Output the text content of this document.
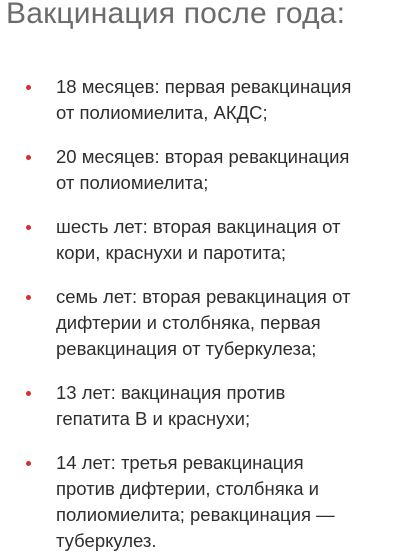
Вакцинация после года:
18 месяцев: первая ревакцинация
от полиомиелита, АКДС;
20 месяцев: вторая ревакцинация
от полиомиелита;
шесть лет: вторая вакцинация от
кори, краснухи и паротита;
семь лет: вторая ревакцинация от
дифтерии и столбняка, первая
ревакцинация от туберкулеза;
13 лет: вакцинация против
гепатита В и краснухи;
14 лет: третья ревакцинация
против дифтерии, столбняка и
полиомиелита; ревакцинация —
туберкулез.
